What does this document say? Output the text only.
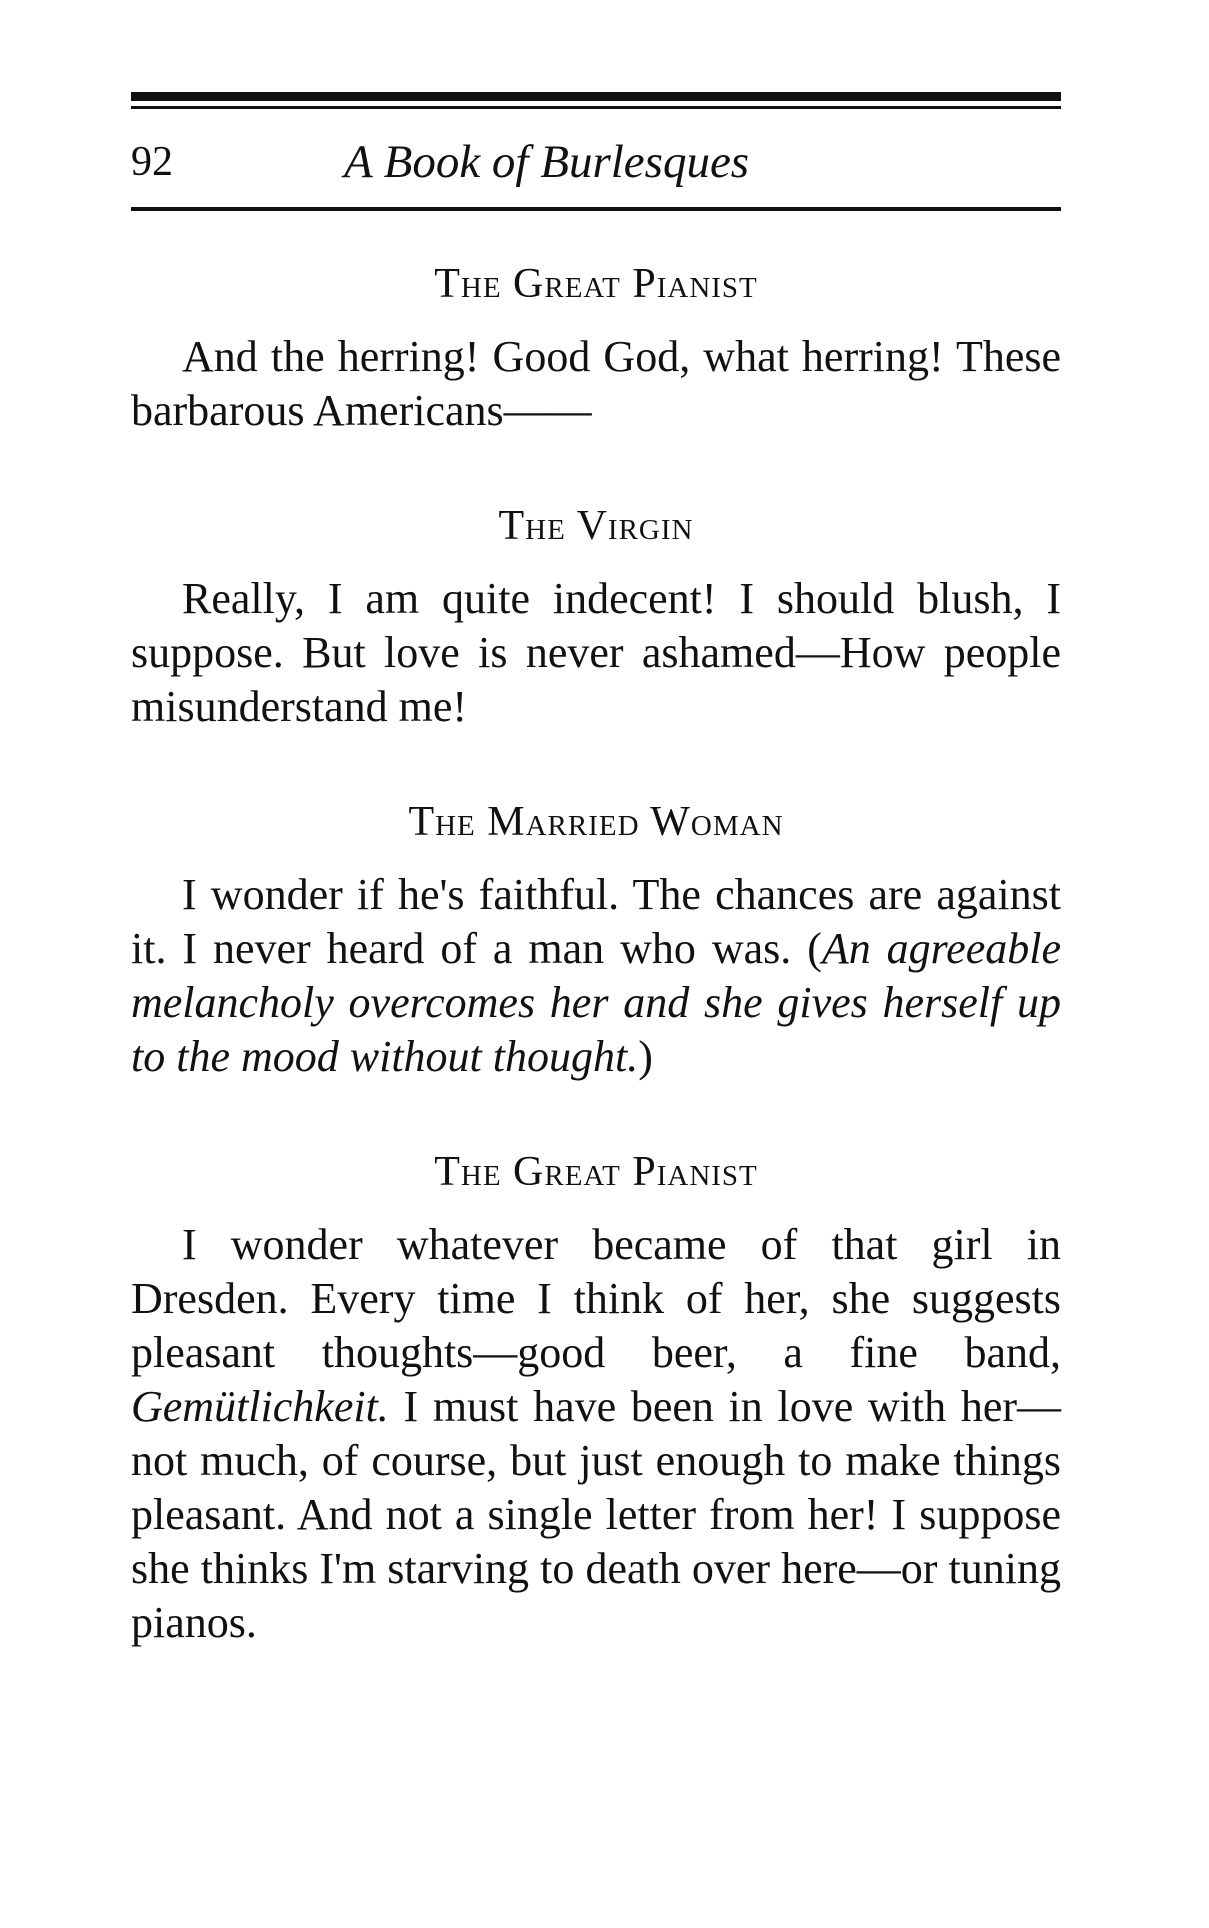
92	A Book of Burlesques

The Great Pianist

And the herring! Good God, what herring! These barbarous Americans——

The Virgin

Really, I am quite indecent! I should blush, I suppose. But love is never ashamed—How people misunderstand me!

The Married Woman

I wonder if he's faithful. The chances are against it. I never heard of a man who was. (An agreeable melancholy overcomes her and she gives herself up to the mood without thought.)

The Great Pianist

I wonder whatever became of that girl in Dresden. Every time I think of her, she suggests pleasant thoughts—good beer, a fine band, Gemütlichkeit. I must have been in love with her—not much, of course, but just enough to make things pleasant. And not a single letter from her! I suppose she thinks I'm starving to death over here—or tuning pianos.
